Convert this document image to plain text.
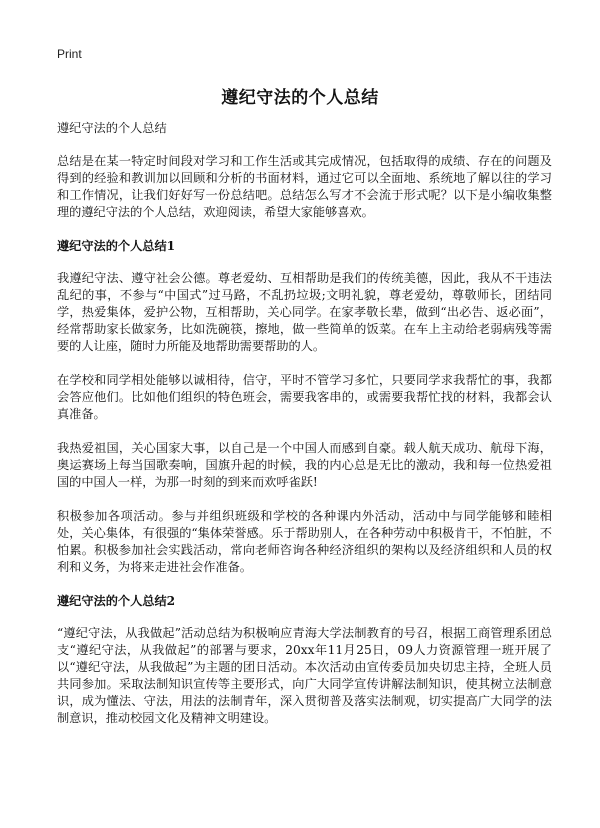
Print
遵纪守法的个人总结

遵纪守法的个人总结

总结是在某一特定时间段对学习和工作生活或其完成情况，包括取得的成绩、存在的问题及得到的经验和教训加以回顾和分析的书面材料，通过它可以全面地、系统地了解以往的学习和工作情况，让我们好好写一份总结吧。总结怎么写才不会流于形式呢？以下是小编收集整理的遵纪守法的个人总结，欢迎阅读，希望大家能够喜欢。

遵纪守法的个人总结1

我遵纪守法、遵守社会公德。尊老爱幼、互相帮助是我们的传统美德，因此，我从不干违法乱纪的事，不参与“中国式”过马路，不乱扔垃圾;文明礼貌，尊老爱幼，尊敬师长，团结同学，热爱集体，爱护公物，互相帮助，关心同学。在家孝敬长辈，做到“出必告、返必面”，经常帮助家长做家务，比如洗碗筷，擦地，做一些简单的饭菜。在车上主动给老弱病残等需要的人让座，随时力所能及地帮助需要帮助的人。

在学校和同学相处能够以诚相待，信守，平时不管学习多忙，只要同学求我帮忙的事，我都会答应他们。比如他们组织的特色班会，需要我客串的，或需要我帮忙找的材料，我都会认真准备。

我热爱祖国，关心国家大事，以自己是一个中国人而感到自豪。载人航天成功、航母下海，奥运赛场上每当国歌奏响，国旗升起的时候，我的内心总是无比的激动，我和每一位热爱祖国的中国人一样，为那一时刻的到来而欢呼雀跃!

积极参加各项活动。参与并组织班级和学校的各种课内外活动，活动中与同学能够和睦相处，关心集体，有很强的“集体荣誉感。乐于帮助别人，在各种劳动中积极肯干，不怕脏，不怕累。积极参加社会实践活动，常向老师咨询各种经济组织的架构以及经济组织和人员的权利和义务，为将来走进社会作准备。

遵纪守法的个人总结2

“遵纪守法，从我做起”活动总结为积极响应青海大学法制教育的号召，根据工商管理系团总支“遵纪守法，从我做起”的部署与要求，20xx年11月25日，09人力资源管理一班开展了以“遵纪守法，从我做起”为主题的团日活动。本次活动由宣传委员加央切忠主持，全班人员共同参加。采取法制知识宣传等主要形式，向广大同学宣传讲解法制知识，使其树立法制意识，成为懂法、守法，用法的法制青年，深入贯彻普及落实法制观，切实提高广大同学的法制意识，推动校园文化及精神文明建设。
